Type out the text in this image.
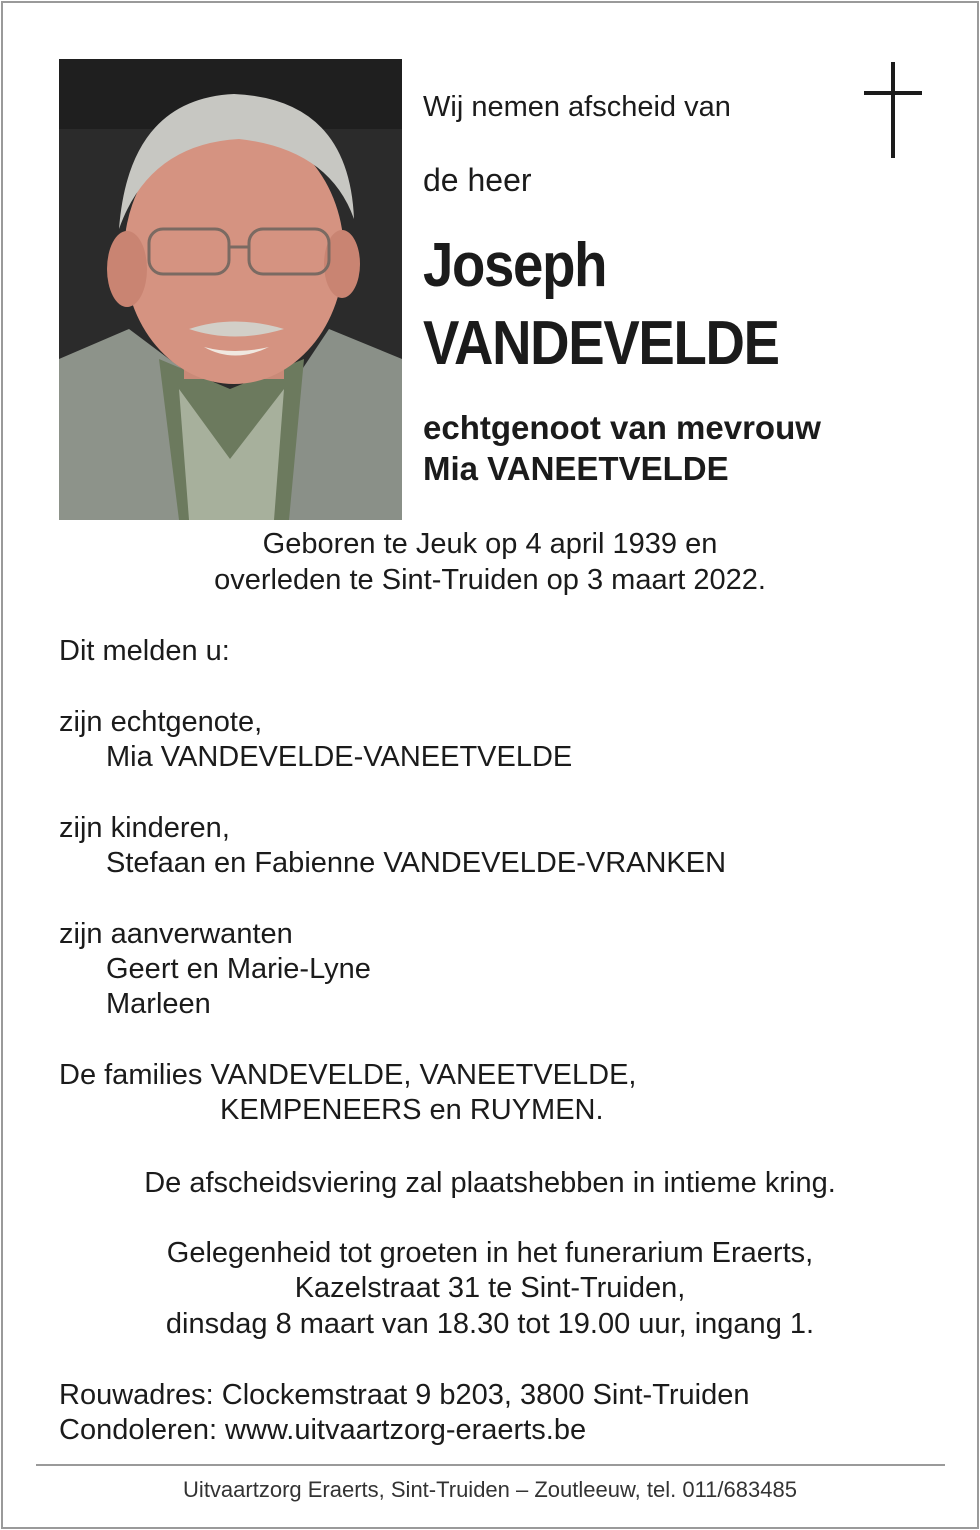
Wij nemen afscheid van
de heer
Joseph
VANDEVELDE
echtgenoot van mevrouw
Mia VANEETVELDE
Geboren te Jeuk op 4 april 1939 en
overleden te Sint-Truiden op 3 maart 2022.
Dit melden u:
zijn echtgenote,
Mia VANDEVELDE-VANEETVELDE
zijn kinderen,
Stefaan en Fabienne VANDEVELDE-VRANKEN
zijn aanverwanten
Geert en Marie-Lyne
Marleen
De families VANDEVELDE, VANEETVELDE,
KEMPENEERS en RUYMEN.
De afscheidsviering zal plaatshebben in intieme kring.
Gelegenheid tot groeten in het funerarium Eraerts,
Kazelstraat 31 te Sint-Truiden,
dinsdag 8 maart van 18.30 tot 19.00 uur, ingang 1.
Rouwadres: Clockemstraat 9 b203, 3800 Sint-Truiden
Condoleren: www.uitvaartzorg-eraerts.be
Uitvaartzorg Eraerts, Sint-Truiden – Zoutleeuw, tel. 011/683485
